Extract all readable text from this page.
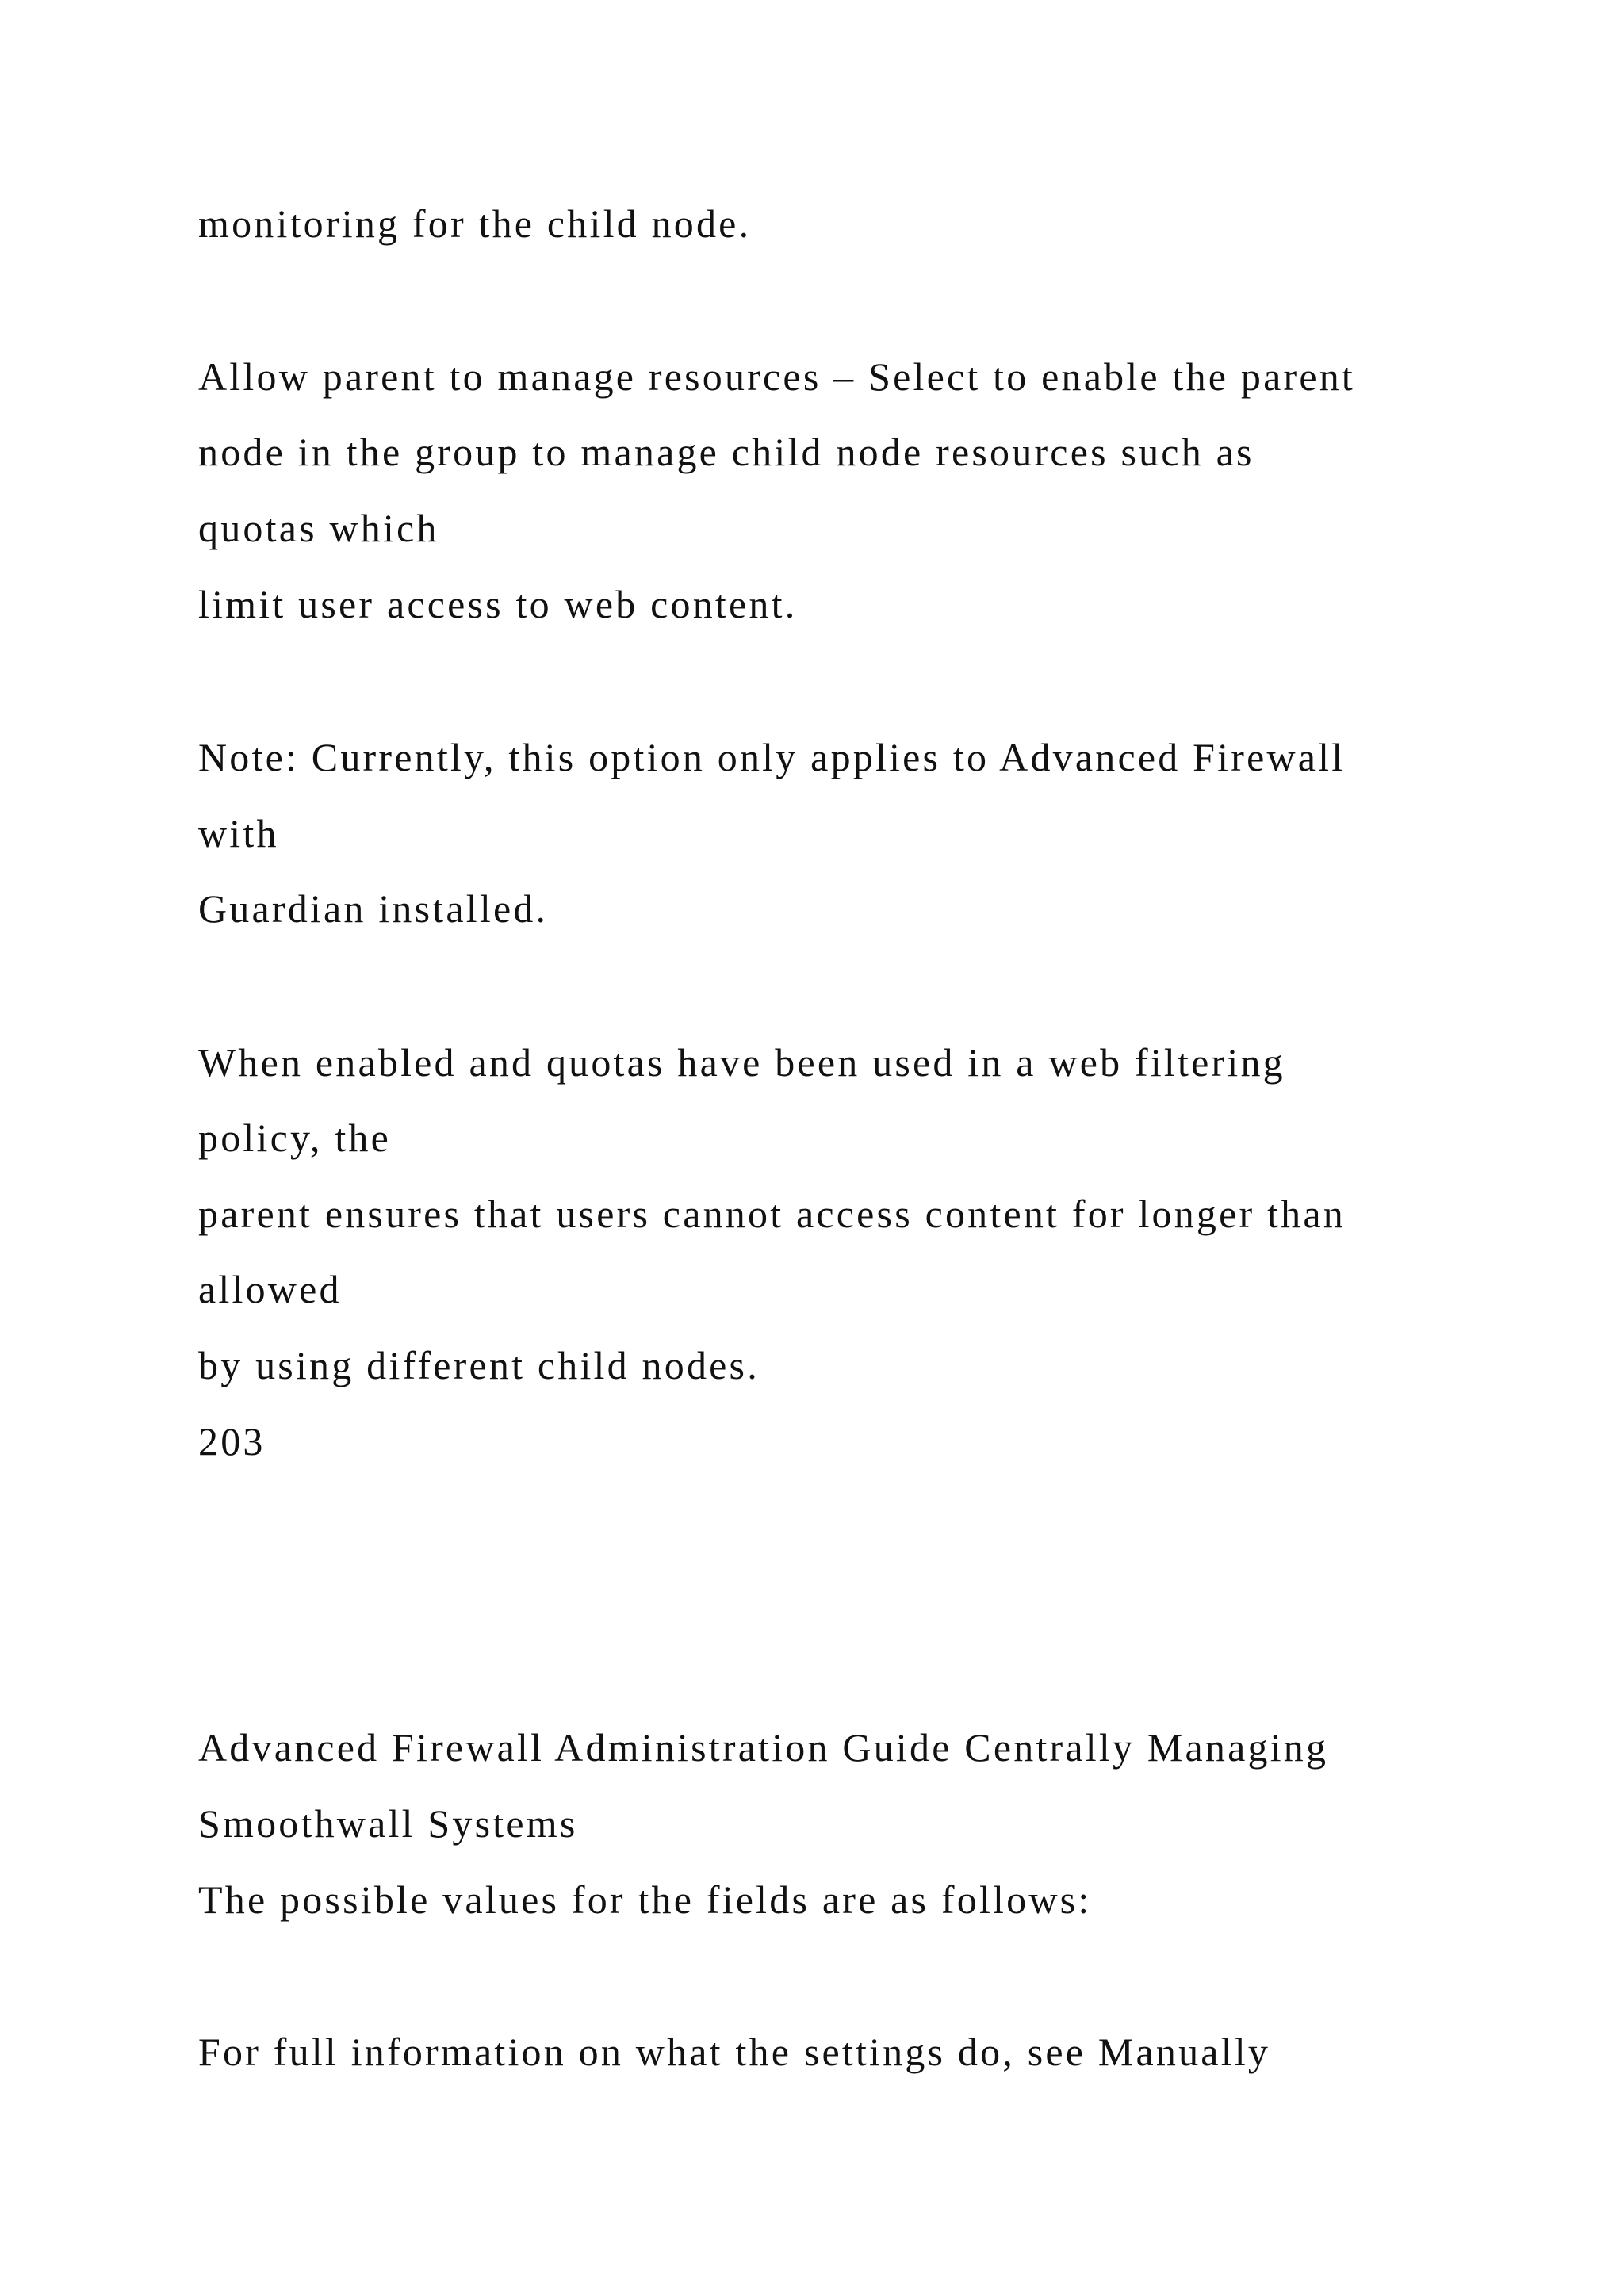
monitoring for the child node.

Allow parent to manage resources – Select to enable the parent

node in the group to manage child node resources such as

quotas which

limit user access to web content.

Note: Currently, this option only applies to Advanced Firewall

with

Guardian installed.

When enabled and quotas have been used in a web filtering

policy, the

parent ensures that users cannot access content for longer than

allowed

by using different child nodes.

203

Advanced Firewall Administration Guide Centrally Managing

Smoothwall Systems

The possible values for the fields are as follows:

For full information on what the settings do, see Manually
